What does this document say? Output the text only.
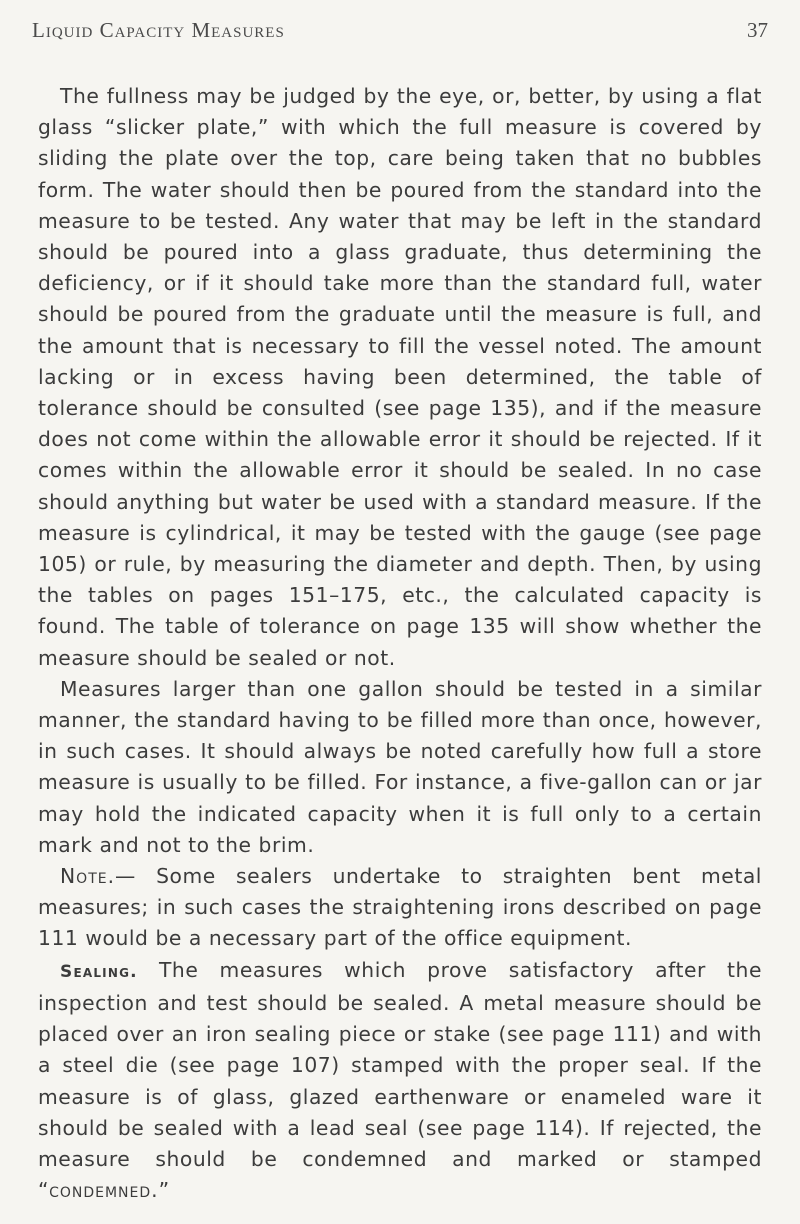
Liquid Capacity Measures	37

The fullness may be judged by the eye, or, better, by using a flat glass “slicker plate,” with which the full measure is covered by sliding the plate over the top, care being taken that no bubbles form. The water should then be poured from the standard into the measure to be tested. Any water that may be left in the standard should be poured into a glass graduate, thus determining the deficiency, or if it should take more than the standard full, water should be poured from the graduate until the measure is full, and the amount that is necessary to fill the vessel noted. The amount lacking or in excess having been determined, the table of tolerance should be consulted (see page 135), and if the measure does not come within the allowable error it should be rejected. If it comes within the allowable error it should be sealed. In no case should anything but water be used with a standard measure. If the measure is cylindrical, it may be tested with the gauge (see page 105) or rule, by measuring the diameter and depth. Then, by using the tables on pages 151–175, etc., the calculated capacity is found. The table of tolerance on page 135 will show whether the measure should be sealed or not.

Measures larger than one gallon should be tested in a similar manner, the standard having to be filled more than once, however, in such cases. It should always be noted carefully how full a store measure is usually to be filled. For instance, a five-gallon can or jar may hold the indicated capacity when it is full only to a certain mark and not to the brim.

Note.— Some sealers undertake to straighten bent metal measures; in such cases the straightening irons described on page 111 would be a necessary part of the office equipment.

Sealing. The measures which prove satisfactory after the inspection and test should be sealed. A metal measure should be placed over an iron sealing piece or stake (see page 111) and with a steel die (see page 107) stamped with the proper seal. If the measure is of glass, glazed earthenware or enameled ware it should be sealed with a lead seal (see page 114). If rejected, the measure should be condemned and marked or stamped “condemned.”
